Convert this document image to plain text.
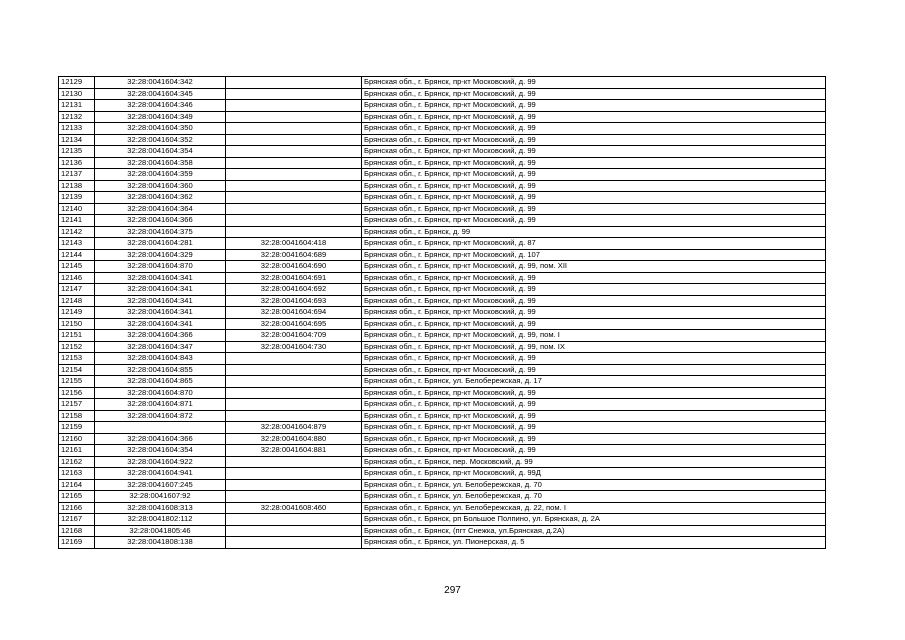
12129	32:28:0041604:342		Брянская обл., г. Брянск, пр-кт Московский, д. 99
12130	32:28:0041604:345		Брянская обл., г. Брянск, пр-кт Московский, д. 99
12131	32:28:0041604:346		Брянская обл., г. Брянск, пр-кт Московский, д. 99
12132	32:28:0041604:349		Брянская обл., г. Брянск, пр-кт Московский, д. 99
12133	32:28:0041604:350		Брянская обл., г. Брянск, пр-кт Московский, д. 99
12134	32:28:0041604:352		Брянская обл., г. Брянск, пр-кт Московский, д. 99
12135	32:28:0041604:354		Брянская обл., г. Брянск, пр-кт Московский, д. 99
12136	32:28:0041604:358		Брянская обл., г. Брянск, пр-кт Московский, д. 99
12137	32:28:0041604:359		Брянская обл., г. Брянск, пр-кт Московский, д. 99
12138	32:28:0041604:360		Брянская обл., г. Брянск, пр-кт Московский, д. 99
12139	32:28:0041604:362		Брянская обл., г. Брянск, пр-кт Московский, д. 99
12140	32:28:0041604:364		Брянская обл., г. Брянск, пр-кт Московский, д. 99
12141	32:28:0041604:366		Брянская обл., г. Брянск, пр-кт Московский, д. 99
12142	32:28:0041604:375		Брянская обл., г. Брянск, д. 99
12143	32:28:0041604:281	32:28:0041604:418	Брянская обл., г. Брянск, пр-кт Московский, д. 87
12144	32:28:0041604:329	32:28:0041604:689	Брянская обл., г. Брянск, пр-кт Московский, д. 107
12145	32:28:0041604:870	32:28:0041604:690	Брянская обл., г. Брянск, пр-кт Московский, д. 99, пом. XII
12146	32:28:0041604:341	32:28:0041604:691	Брянская обл., г. Брянск, пр-кт Московский, д. 99
12147	32:28:0041604:341	32:28:0041604:692	Брянская обл., г. Брянск, пр-кт Московский, д. 99
12148	32:28:0041604:341	32:28:0041604:693	Брянская обл., г. Брянск, пр-кт Московский, д. 99
12149	32:28:0041604:341	32:28:0041604:694	Брянская обл., г. Брянск, пр-кт Московский, д. 99
12150	32:28:0041604:341	32:28:0041604:695	Брянская обл., г. Брянск, пр-кт Московский, д. 99
12151	32:28:0041604:366	32:28:0041604:709	Брянская обл., г. Брянск, пр-кт Московский, д. 99, пом. I
12152	32:28:0041604:347	32:28:0041604:730	Брянская обл., г. Брянск, пр-кт Московский, д. 99, пом. IX
12153	32:28:0041604:843		Брянская обл., г. Брянск, пр-кт Московский, д. 99
12154	32:28:0041604:855		Брянская обл., г. Брянск, пр-кт Московский, д. 99
12155	32:28:0041604:865		Брянская обл., г. Брянск, ул. Белобережская, д. 17
12156	32:28:0041604:870		Брянская обл., г. Брянск, пр-кт Московский, д. 99
12157	32:28:0041604:871		Брянская обл., г. Брянск, пр-кт Московский, д. 99
12158	32:28:0041604:872		Брянская обл., г. Брянск, пр-кт Московский, д. 99
12159		32:28:0041604:879	Брянская обл., г. Брянск, пр-кт Московский, д. 99
12160	32:28:0041604:366	32:28:0041604:880	Брянская обл., г. Брянск, пр-кт Московский, д. 99
12161	32:28:0041604:354	32:28:0041604:881	Брянская обл., г. Брянск, пр-кт Московский, д. 99
12162	32:28:0041604:922		Брянская обл., г. Брянск, пер. Московский, д. 99
12163	32:28:0041604:941		Брянская обл., г. Брянск, пр-кт Московский, д. 99Д
12164	32:28:0041607:245		Брянская обл., г. Брянск, ул. Белобережская, д. 70
12165	32:28:0041607:92		Брянская обл., г. Брянск, ул. Белобережская, д. 70
12166	32:28:0041608:313	32:28:0041608:460	Брянская обл., г. Брянск, ул. Белобережская, д. 22, пом. I
12167	32:28:0041802:112		Брянская обл., г. Брянск, рп Большое Полпино, ул. Брянская, д. 2А
12168	32:28:0041805:46		Брянская обл., г. Брянск, (пгт Снежка, ул.Брянская, д.2А)
12169	32:28:0041808:138		Брянская обл., г. Брянск, ул. Пионерская, д. 5
297
